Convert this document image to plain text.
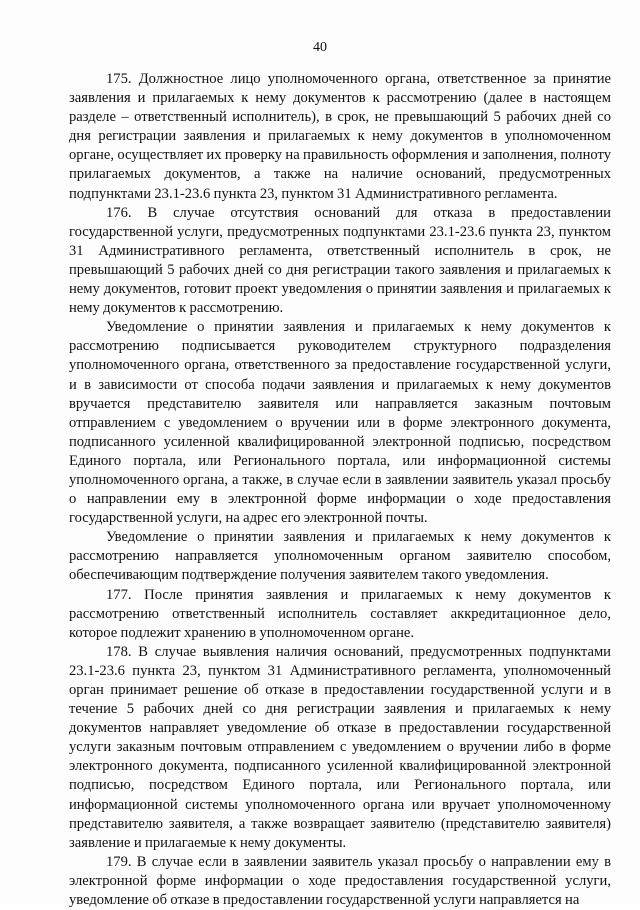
40

175. Должностное лицо уполномоченного органа, ответственное за принятие заявления и прилагаемых к нему документов к рассмотрению (далее в настоящем разделе – ответственный исполнитель), в срок, не превышающий 5 рабочих дней со дня регистрации заявления и прилагаемых к нему документов в уполномоченном органе, осуществляет их проверку на правильность оформления и заполнения, полноту прилагаемых документов, а также на наличие оснований, предусмотренных подпунктами 23.1-23.6 пункта 23, пунктом 31 Административного регламента.

176. В случае отсутствия оснований для отказа в предоставлении государственной услуги, предусмотренных подпунктами 23.1-23.6 пункта 23, пунктом 31 Административного регламента, ответственный исполнитель в срок, не превышающий 5 рабочих дней со дня регистрации такого заявления и прилагаемых к нему документов, готовит проект уведомления о принятии заявления и прилагаемых к нему документов к рассмотрению.

Уведомление о принятии заявления и прилагаемых к нему документов к рассмотрению подписывается руководителем структурного подразделения уполномоченного органа, ответственного за предоставление государственной услуги, и в зависимости от способа подачи заявления и прилагаемых к нему документов вручается представителю заявителя или направляется заказным почтовым отправлением с уведомлением о вручении или в форме электронного документа, подписанного усиленной квалифицированной электронной подписью, посредством Единого портала, или Регионального портала, или информационной системы уполномоченного органа, а также, в случае если в заявлении заявитель указал просьбу о направлении ему в электронной форме информации о ходе предоставления государственной услуги, на адрес его электронной почты.

Уведомление о принятии заявления и прилагаемых к нему документов к рассмотрению направляется уполномоченным органом заявителю способом, обеспечивающим подтверждение получения заявителем такого уведомления.

177. После принятия заявления и прилагаемых к нему документов к рассмотрению ответственный исполнитель составляет аккредитационное дело, которое подлежит хранению в уполномоченном органе.

178. В случае выявления наличия оснований, предусмотренных подпунктами 23.1-23.6 пункта 23, пунктом 31 Административного регламента, уполномоченный орган принимает решение об отказе в предоставлении государственной услуги и в течение 5 рабочих дней со дня регистрации заявления и прилагаемых к нему документов направляет уведомление об отказе в предоставлении государственной услуги заказным почтовым отправлением с уведомлением о вручении либо в форме электронного документа, подписанного усиленной квалифицированной электронной подписью, посредством Единого портала, или Регионального портала, или информационной системы уполномоченного органа или вручает уполномоченному представителю заявителя, а также возвращает заявителю (представителю заявителя) заявление и прилагаемые к нему документы.

179. В случае если в заявлении заявитель указал просьбу о направлении ему в электронной форме информации о ходе предоставления государственной услуги, уведомление об отказе в предоставлении государственной услуги направляется на
